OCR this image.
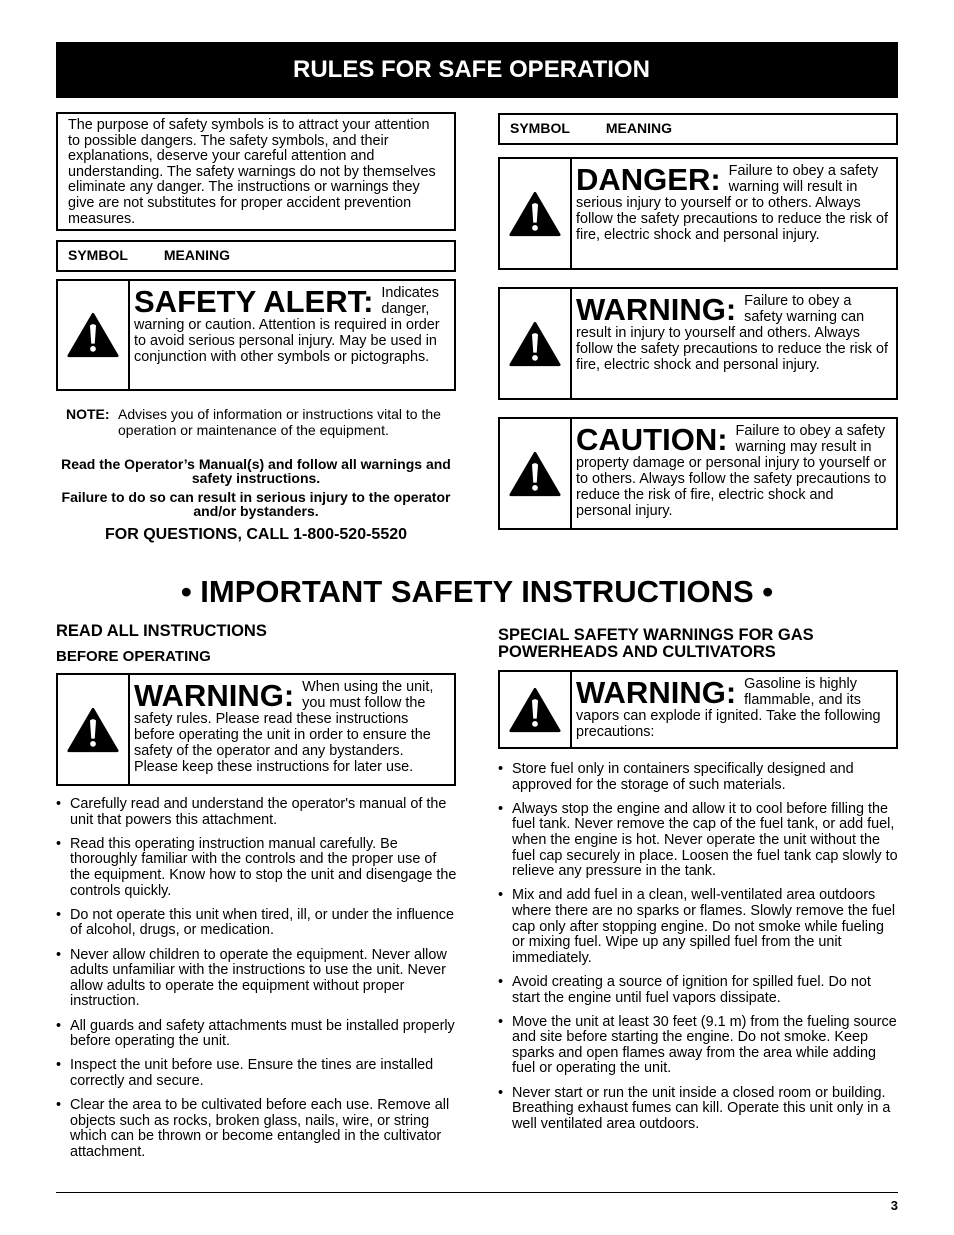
RULES FOR SAFE OPERATION
The purpose of safety symbols is to attract your attention to possible dangers. The safety symbols, and their explanations, deserve your careful attention and understanding. The safety warnings do not by themselves eliminate any danger. The instructions or warnings they give are not substitutes for proper accident prevention measures.
SYMBOL	MEANING
SAFETY ALERT: Indicates danger, warning or caution. Attention is required in order to avoid serious personal injury. May be used in conjunction with other symbols or pictographs.
NOTE: Advises you of information or instructions vital to the operation or maintenance of the equipment.
Read the Operator’s Manual(s) and follow all warnings and safety instructions.
Failure to do so can result in serious injury to the operator and/or bystanders.
FOR QUESTIONS, CALL 1-800-520-5520
SYMBOL	MEANING
DANGER: Failure to obey a safety warning will result in serious injury to yourself or to others. Always follow the safety precautions to reduce the risk of fire, electric shock and personal injury.
WARNING: Failure to obey a safety warning can result in injury to yourself and others. Always follow the safety precautions to reduce the risk of fire, electric shock and personal injury.
CAUTION: Failure to obey a safety warning may result in property damage or personal injury to yourself or to others. Always follow the safety precautions to reduce the risk of fire, electric shock and personal injury.
• IMPORTANT SAFETY INSTRUCTIONS •
READ ALL INSTRUCTIONS
BEFORE OPERATING
WARNING: When using the unit, you must follow the safety rules. Please read these instructions before operating the unit in order to ensure the safety of the operator and any bystanders. Please keep these instructions for later use.
• Carefully read and understand the operator's manual of the unit that powers this attachment.
• Read this operating instruction manual carefully. Be thoroughly familiar with the controls and the proper use of the equipment. Know how to stop the unit and disengage the controls quickly.
• Do not operate this unit when tired, ill, or under the influence of alcohol, drugs, or medication.
• Never allow children to operate the equipment. Never allow adults unfamiliar with the instructions to use the unit. Never allow adults to operate the equipment without proper instruction.
• All guards and safety attachments must be installed properly before operating the unit.
• Inspect the unit before use. Ensure the tines are installed correctly and secure.
• Clear the area to be cultivated before each use. Remove all objects such as rocks, broken glass, nails, wire, or string which can be thrown or become entangled in the cultivator attachment.
SPECIAL SAFETY WARNINGS FOR GAS POWERHEADS AND CULTIVATORS
WARNING: Gasoline is highly flammable, and its vapors can explode if ignited. Take the following precautions:
• Store fuel only in containers specifically designed and approved for the storage of such materials.
• Always stop the engine and allow it to cool before filling the fuel tank. Never remove the cap of the fuel tank, or add fuel, when the engine is hot. Never operate the unit without the fuel cap securely in place. Loosen the fuel tank cap slowly to relieve any pressure in the tank.
• Mix and add fuel in a clean, well-ventilated area outdoors where there are no sparks or flames. Slowly remove the fuel cap only after stopping engine. Do not smoke while fueling or mixing fuel. Wipe up any spilled fuel from the unit immediately.
• Avoid creating a source of ignition for spilled fuel. Do not start the engine until fuel vapors dissipate.
• Move the unit at least 30 feet (9.1 m) from the fueling source and site before starting the engine. Do not smoke. Keep sparks and open flames away from the area while adding fuel or operating the unit.
• Never start or run the unit inside a closed room or building. Breathing exhaust fumes can kill. Operate this unit only in a well ventilated area outdoors.
3
